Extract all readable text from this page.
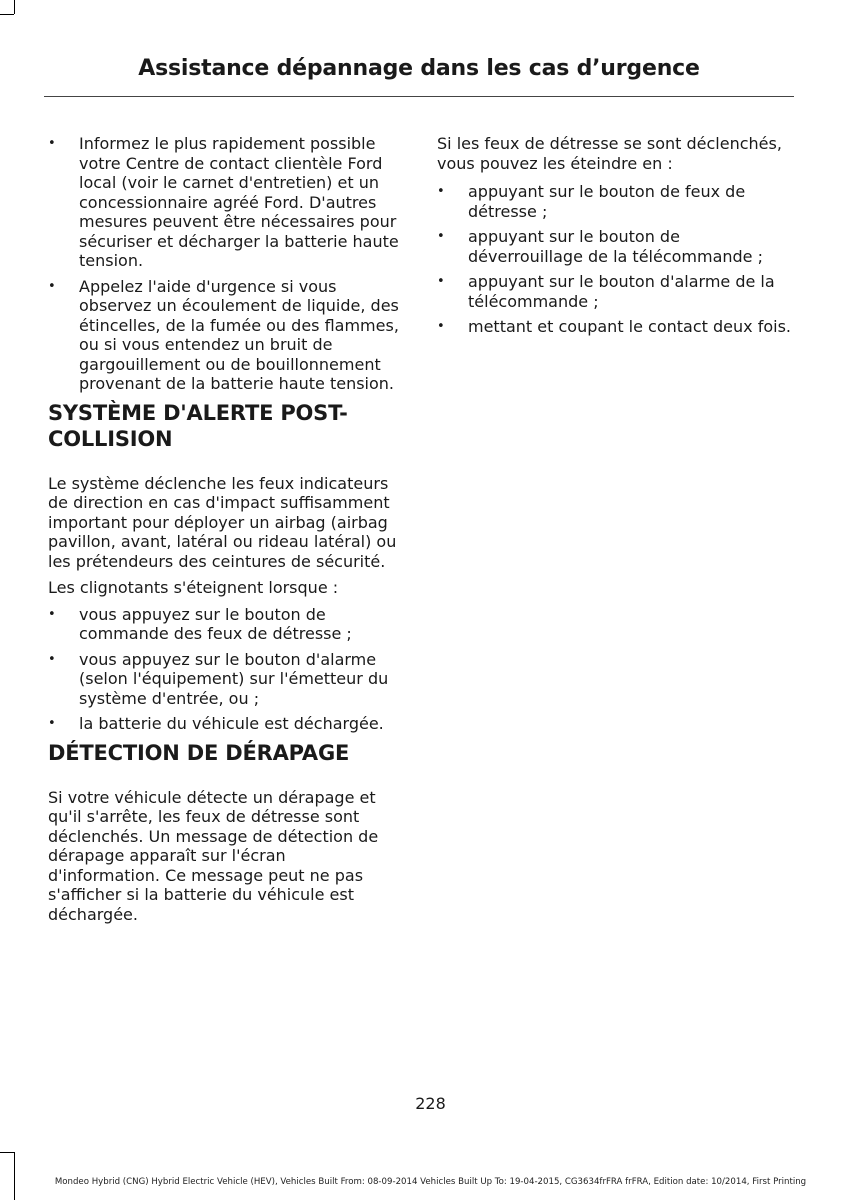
Assistance dépannage dans les cas d’urgence
• Informez le plus rapidement possible votre Centre de contact clientèle Ford local (voir le carnet d'entretien) et un concessionnaire agréé Ford. D'autres mesures peuvent être nécessaires pour sécuriser et décharger la batterie haute tension.
• Appelez l'aide d'urgence si vous observez un écoulement de liquide, des étincelles, de la fumée ou des flammes, ou si vous entendez un bruit de gargouillement ou de bouillonnement provenant de la batterie haute tension.
SYSTÈME D'ALERTE POST-COLLISION

Le système déclenche les feux indicateurs de direction en cas d'impact suffisamment important pour déployer un airbag (airbag pavillon, avant, latéral ou rideau latéral) ou les prétendeurs des ceintures de sécurité.

Les clignotants s'éteignent lorsque :

• vous appuyez sur le bouton de commande des feux de détresse ;
• vous appuyez sur le bouton d'alarme (selon l'équipement) sur l'émetteur du système d'entrée, ou ;
• la batterie du véhicule est déchargée.
DÉTECTION DE DÉRAPAGE

Si votre véhicule détecte un dérapage et qu'il s'arrête, les feux de détresse sont déclenchés. Un message de détection de dérapage apparaît sur l'écran d'information. Ce message peut ne pas s'afficher si la batterie du véhicule est déchargée.

Si les feux de détresse se sont déclenchés, vous pouvez les éteindre en :

• appuyant sur le bouton de feux de détresse ;
• appuyant sur le bouton de déverrouillage de la télécommande ;
• appuyant sur le bouton d'alarme de la télécommande ;
• mettant et coupant le contact deux fois.
228
Mondeo Hybrid (CNG) Hybrid Electric Vehicle (HEV), Vehicles Built From: 08-09-2014 Vehicles Built Up To: 19-04-2015, CG3634frFRA frFRA, Edition date: 10/2014, First Printing
